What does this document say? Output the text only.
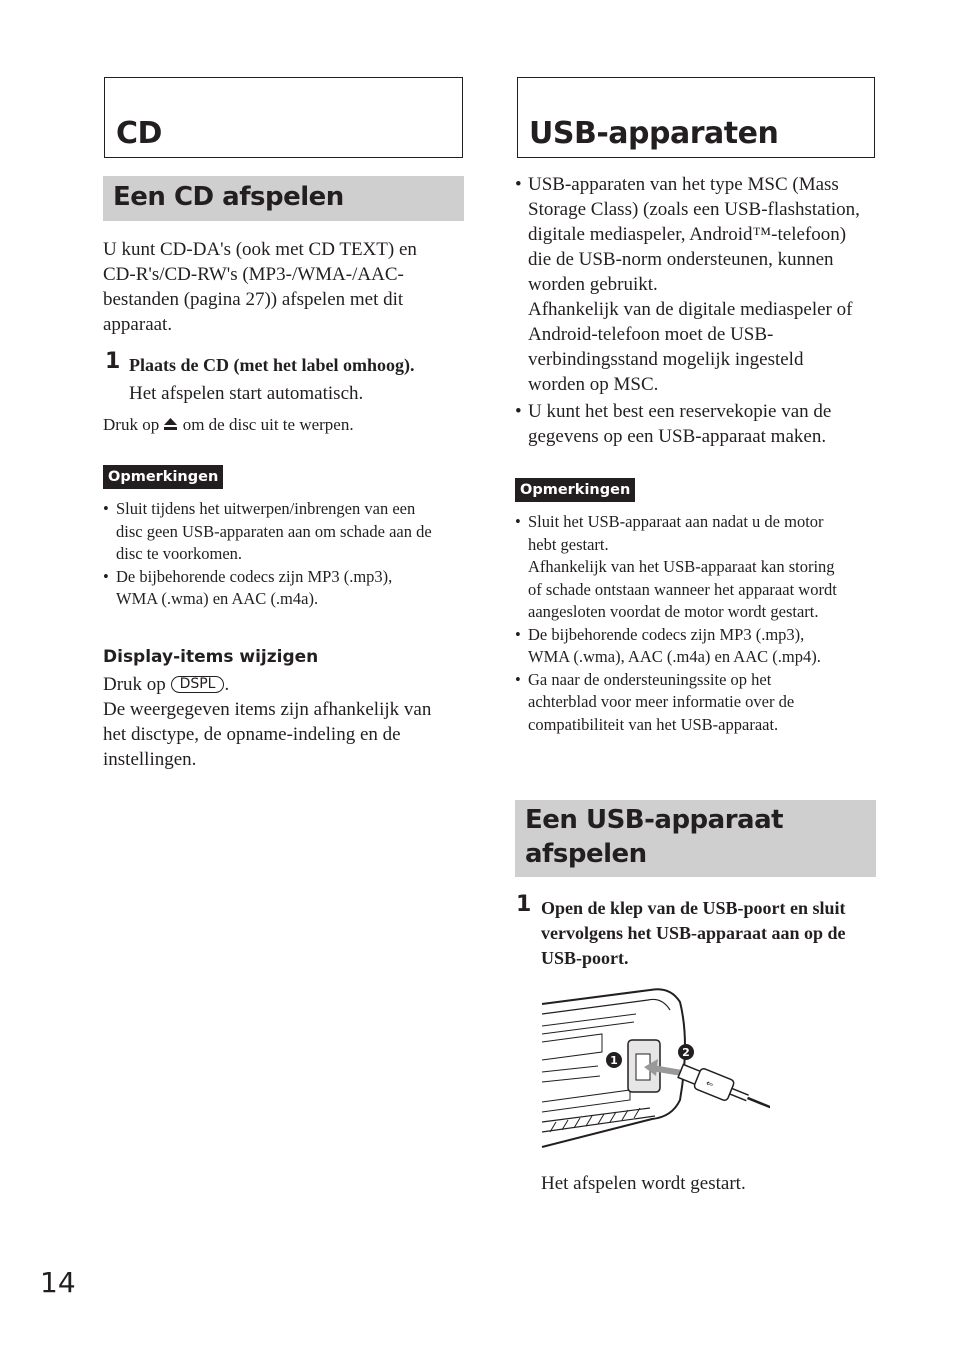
CD
Een CD afspelen
U kunt CD-DA's (ook met CD TEXT) en
CD-R's/CD-RW's (MP3-/WMA-/AAC-
bestanden (pagina 27)) afspelen met dit
apparaat.
1 Plaats de CD (met het label omhoog).
Het afspelen start automatisch.
Druk op om de disc uit te werpen.
Opmerkingen
• Sluit tijdens het uitwerpen/inbrengen van een
disc geen USB-apparaten aan om schade aan de
disc te voorkomen.
• De bijbehorende codecs zijn MP3 (.mp3),
WMA (.wma) en AAC (.m4a).
Display-items wijzigen
Druk op DSPL .
De weergegeven items zijn afhankelijk van
het disctype, de opname-indeling en de
instellingen.
USB-apparaten
• USB-apparaten van het type MSC (Mass
Storage Class) (zoals een USB-flashstation,
digitale mediaspeler, Android™-telefoon)
die de USB-norm ondersteunen, kunnen
worden gebruikt.
Afhankelijk van de digitale mediaspeler of
Android-telefoon moet de USB-
verbindingsstand mogelijk ingesteld
worden op MSC.
• U kunt het best een reservekopie van de
gegevens op een USB-apparaat maken.
Opmerkingen
• Sluit het USB-apparaat aan nadat u de motor
hebt gestart.
Afhankelijk van het USB-apparaat kan storing
of schade ontstaan wanneer het apparaat wordt
aangesloten voordat de motor wordt gestart.
• De bijbehorende codecs zijn MP3 (.mp3),
WMA (.wma), AAC (.m4a) en AAC (.mp4).
• Ga naar de ondersteuningssite op het
achterblad voor meer informatie over de
compatibiliteit van het USB-apparaat.
Een USB-apparaat
afspelen
1 Open de klep van de USB-poort en sluit
vervolgens het USB-apparaat aan op de
USB-poort.
⇐
1
2
Het afspelen wordt gestart.
14
